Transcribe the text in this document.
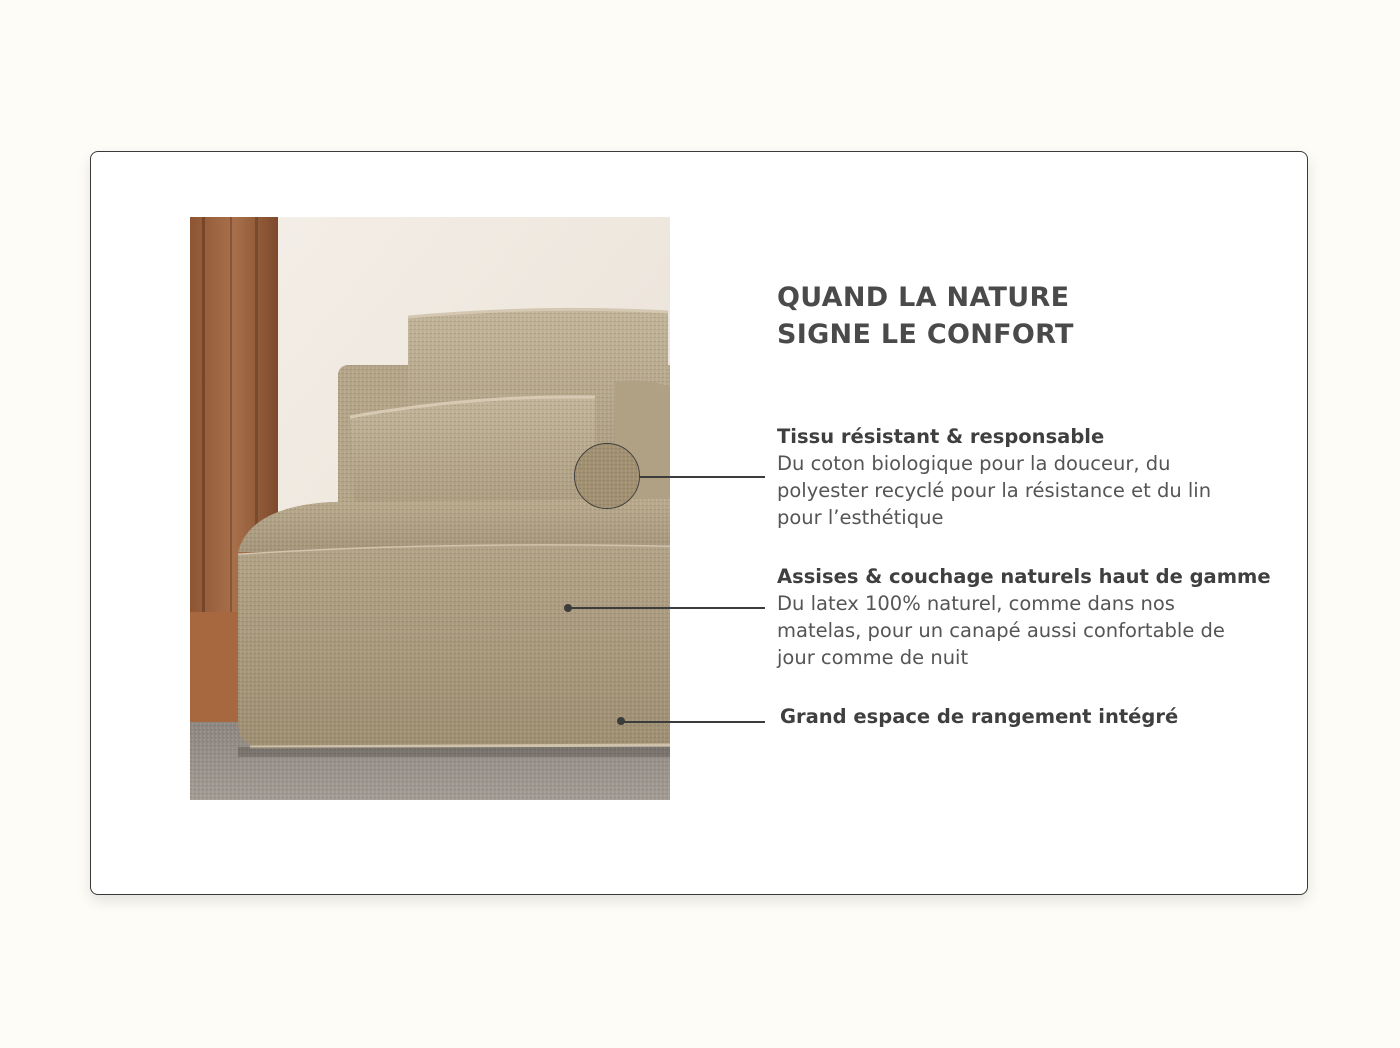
QUAND LA NATURE
SIGNE LE CONFORT
Tissu résistant & responsable
Du coton biologique pour la douceur, du polyester recyclé pour la résistance et du lin pour l’esthétique
Assises & couchage naturels haut de gamme
Du latex 100% naturel, comme dans nos matelas, pour un canapé aussi confortable de jour comme de nuit
Grand espace de rangement intégré
